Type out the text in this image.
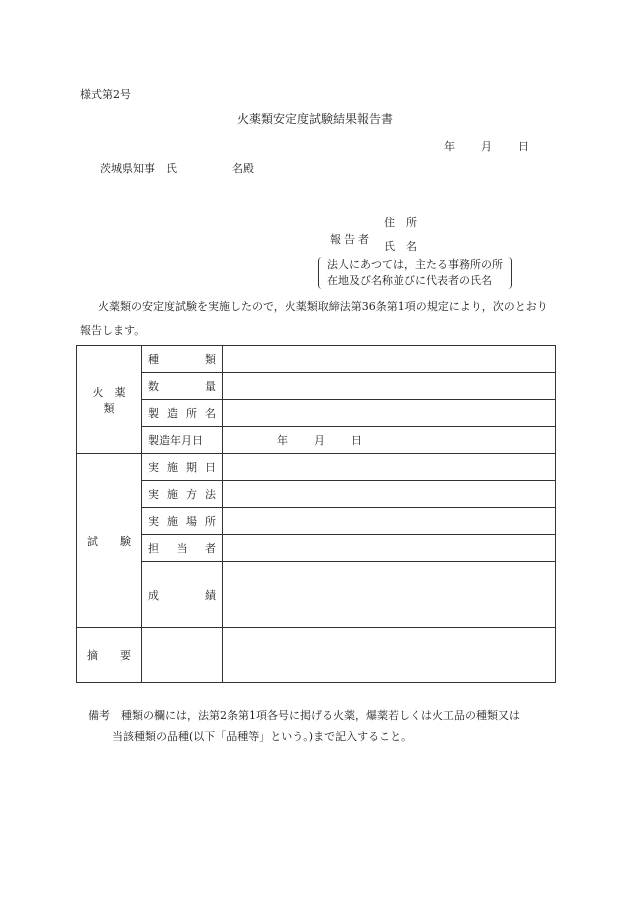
様式第2号
火薬類安定度試験結果報告書
年 月 日
茨城県知事　氏　　　　　名殿
住　所
報告者
氏　名
法人にあつては，主たる事務所の所
在地及び名称並びに代表者の氏名
火薬類の安定度試験を実施したので，火薬類取締法第36条第1項の規定により，次のとおり報告します。
火　薬　類	種 類	

	数 量	

	製 造 所 名	

	製造年月日	年 月 日
試　　験	実 施 期 日	

	実 施 方 法	

	実 施 場 所	

	担 当 者	

	成 績	

摘　　要		
備考　種類の欄には，法第2条第1項各号に掲げる火薬，爆薬若しくは火工品の種類又は
当該種類の品種(以下「品種等」という。)まで記入すること。
